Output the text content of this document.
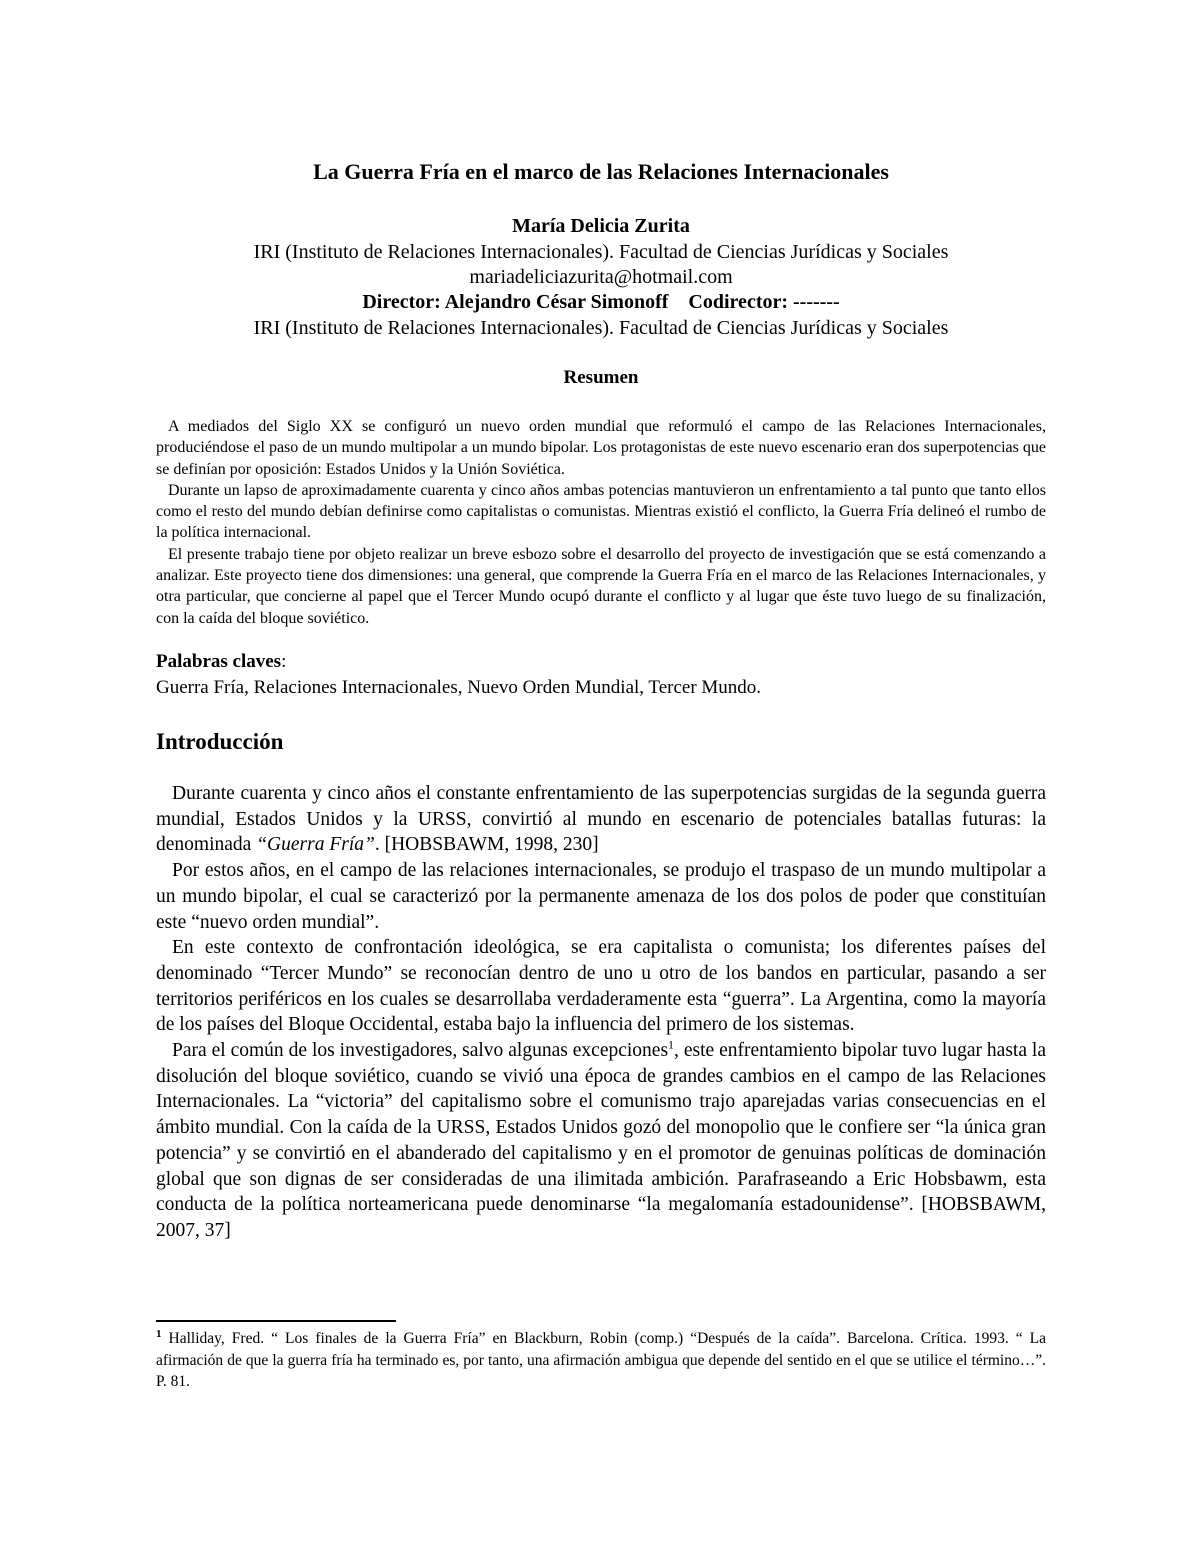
La Guerra Fría en el marco de las Relaciones Internacionales

María Delicia Zurita

IRI (Instituto de Relaciones Internacionales). Facultad de Ciencias Jurídicas y Sociales

mariadeliciazurita@hotmail.com

Director: Alejandro César Simonoff Codirector: -------

IRI (Instituto de Relaciones Internacionales). Facultad de Ciencias Jurídicas y Sociales

Resumen

A mediados del Siglo XX se configuró un nuevo orden mundial que reformuló el campo de las Relaciones Internacionales, produciéndose el paso de un mundo multipolar a un mundo bipolar. Los protagonistas de este nuevo escenario eran dos superpotencias que se definían por oposición: Estados Unidos y la Unión Soviética.

Durante un lapso de aproximadamente cuarenta y cinco años ambas potencias mantuvieron un enfrentamiento a tal punto que tanto ellos como el resto del mundo debían definirse como capitalistas o comunistas. Mientras existió el conflicto, la Guerra Fría delineó el rumbo de la política internacional.

El presente trabajo tiene por objeto realizar un breve esbozo sobre el desarrollo del proyecto de investigación que se está comenzando a analizar. Este proyecto tiene dos dimensiones: una general, que comprende la Guerra Fría en el marco de las Relaciones Internacionales, y otra particular, que concierne al papel que el Tercer Mundo ocupó durante el conflicto y al lugar que éste tuvo luego de su finalización, con la caída del bloque soviético.

Palabras claves:

Guerra Fría, Relaciones Internacionales, Nuevo Orden Mundial, Tercer Mundo.

Introducción

Durante cuarenta y cinco años el constante enfrentamiento de las superpotencias surgidas de la segunda guerra mundial, Estados Unidos y la URSS, convirtió al mundo en escenario de potenciales batallas futuras: la denominada “Guerra Fría”. [HOBSBAWM, 1998, 230]

Por estos años, en el campo de las relaciones internacionales, se produjo el traspaso de un mundo multipolar a un mundo bipolar, el cual se caracterizó por la permanente amenaza de los dos polos de poder que constituían este “nuevo orden mundial”.

En este contexto de confrontación ideológica, se era capitalista o comunista; los diferentes países del denominado “Tercer Mundo” se reconocían dentro de uno u otro de los bandos en particular, pasando a ser territorios periféricos en los cuales se desarrollaba verdaderamente esta “guerra”. La Argentina, como la mayoría de los países del Bloque Occidental, estaba bajo la influencia del primero de los sistemas.

Para el común de los investigadores, salvo algunas excepciones$^1$, este enfrentamiento bipolar tuvo lugar hasta la disolución del bloque soviético, cuando se vivió una época de grandes cambios en el campo de las Relaciones Internacionales. La “victoria” del capitalismo sobre el comunismo trajo aparejadas varias consecuencias en el ámbito mundial. Con la caída de la URSS, Estados Unidos gozó del monopolio que le confiere ser “la única gran potencia” y se convirtió en el abanderado del capitalismo y en el promotor de genuinas políticas de dominación global que son dignas de ser consideradas de una ilimitada ambición. Parafraseando a Eric Hobsbawm, esta conducta de la política norteamericana puede denominarse “la megalomanía estadounidense”. [HOBSBAWM, 2007, 37]

$^1$ Halliday, Fred. “ Los finales de la Guerra Fría” en Blackburn, Robin (comp.) “Después de la caída”. Barcelona. Crítica. 1993. “ La afirmación de que la guerra fría ha terminado es, por tanto, una afirmación ambigua que depende del sentido en el que se utilice el término…”. P. 81.
